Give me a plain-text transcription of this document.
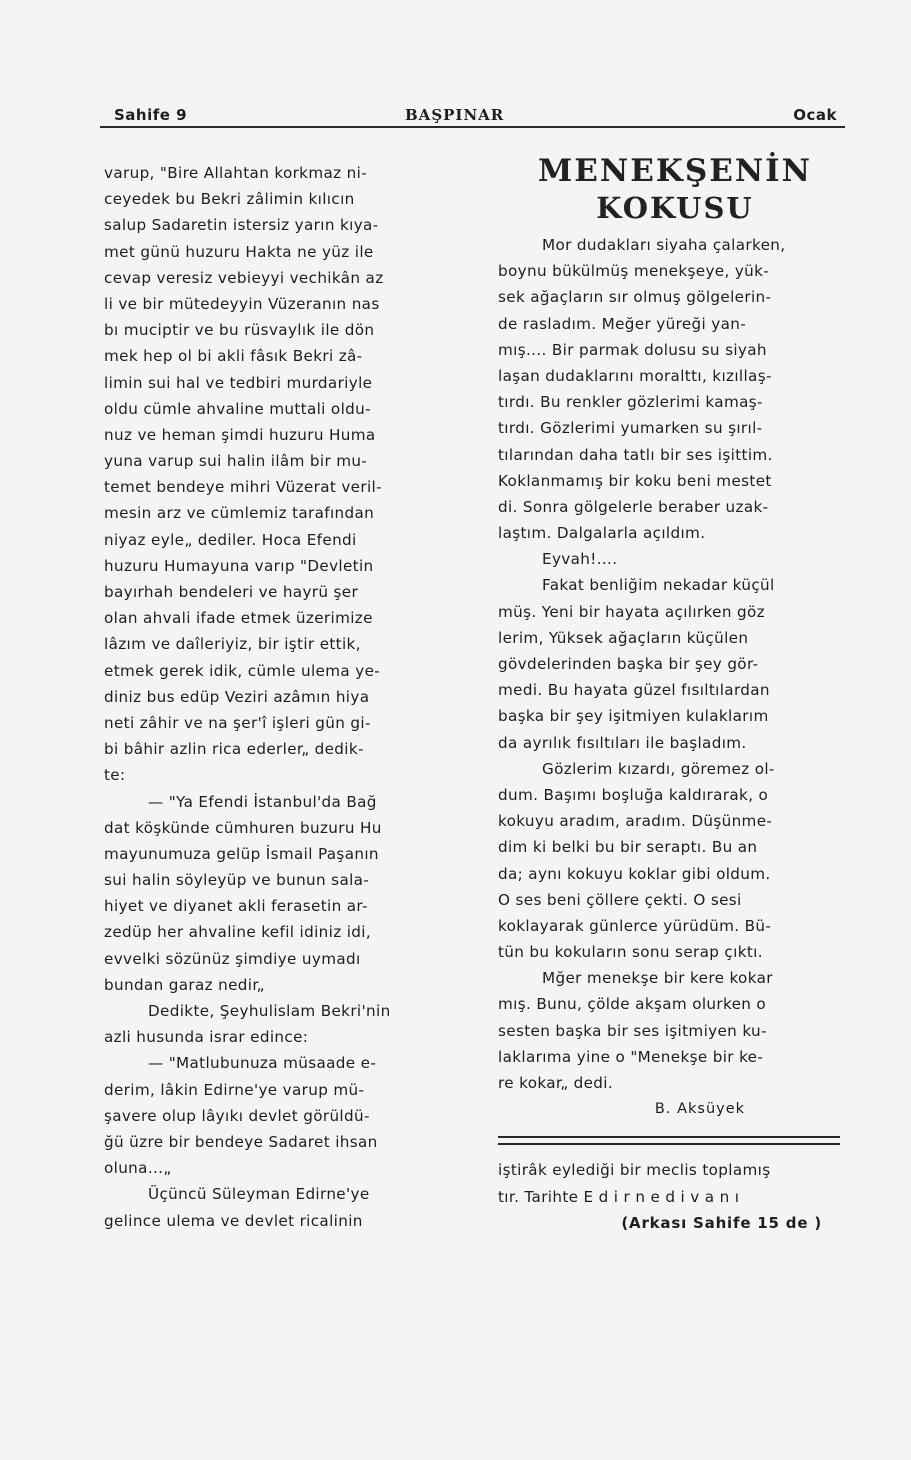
Sahife 9	BAŞPINAR	Ocak
varup, "Bire Allahtan korkmaz ni-
ceyedek bu Bekri zâlimin kılıcın
salup Sadaretin istersiz yarın kıya-
met günü huzuru Hakta ne yüz ile
cevap veresiz vebieyyi vechikân az
li ve bir mütedeyyin Vüzeranın nas
bı muciptir ve bu rüsvaylık ile dön
mek hep ol bi akli fâsık Bekri zâ-
limin sui hal ve tedbiri murdariyle
oldu cümle ahvaline muttali oldu-
nuz ve heman şimdi huzuru Huma
yuna varup sui halin ilâm bir mu-
temet bendeye mihri Vüzerat veril-
mesin arz ve cümlemiz tarafından
niyaz eyle„ dediler. Hoca Efendi
huzuru Humayuna varıp "Devletin
bayırhah bendeleri ve hayrü şer
olan ahvali ifade etmek üzerimize
lâzım ve daîleriyiz, bir iştir ettik,
etmek gerek idik, cümle ulema ye-
diniz bus edüp Veziri azâmın hiya
neti zâhir ve na şer'î işleri gün gi-
bi bâhir azlin rica ederler„ dedik-
te:
— "Ya Efendi İstanbul'da Bağ
dat köşkünde cümhuren buzuru Hu
mayunumuza gelüp İsmail Paşanın
sui halin söyleyüp ve bunun sala-
hiyet ve diyanet akli ferasetin ar-
zedüp her ahvaline kefil idiniz idi,
evvelki sözünüz şimdiye uymadı
bundan garaz nedir„
Dedikte, Şeyhulislam Bekri'nin
azli husunda israr edince:
— "Matlubunuza müsaade e-
derim, lâkin Edirne'ye varup mü-
şavere olup lâyıkı devlet görüldü-
ğü üzre bir bendeye Sadaret ihsan
oluna...„
Üçüncü Süleyman Edirne'ye
gelince ulema ve devlet ricalinin
MENEKŞENİN
KOKUSU
Mor dudakları siyaha çalarken,
boynu bükülmüş menekşeye, yük-
sek ağaçların sır olmuş gölgelerin-
de rasladım. Meğer yüreği yan-
mış.... Bir parmak dolusu su siyah
laşan dudaklarını moralttı, kızıllaş-
tırdı. Bu renkler gözlerimi kamaş-
tırdı. Gözlerimi yumarken su şırıl-
tılarından daha tatlı bir ses işittim.
Koklanmamış bir koku beni mestet
di. Sonra gölgelerle beraber uzak-
laştım. Dalgalarla açıldım.
Eyvah!....
Fakat benliğim nekadar küçül
müş. Yeni bir hayata açılırken göz
lerim, Yüksek ağaçların küçülen
gövdelerinden başka bir şey gör-
medi. Bu hayata güzel fısıltılardan
başka bir şey işitmiyen kulaklarım
da ayrılık fısıltıları ile başladım.
Gözlerim kızardı, göremez ol-
dum. Başımı boşluğa kaldırarak, o
kokuyu aradım, aradım. Düşünme-
dim ki belki bu bir seraptı. Bu an
da; aynı kokuyu koklar gibi oldum.
O ses beni çöllere çekti. O sesi
koklayarak günlerce yürüdüm. Bü-
tün bu kokuların sonu serap çıktı.
Mğer menekşe bir kere kokar
mış. Bunu, çölde akşam olurken o
sesten başka bir ses işitmiyen ku-
laklarıma yine o "Menekşe bir ke-
re kokar„ dedi.
B. Aksüyek
iştirâk eylediği bir meclis toplamış
tır. Tarihte E d i r n e d i v a n ı
(Arkası Sahife 15 de )
